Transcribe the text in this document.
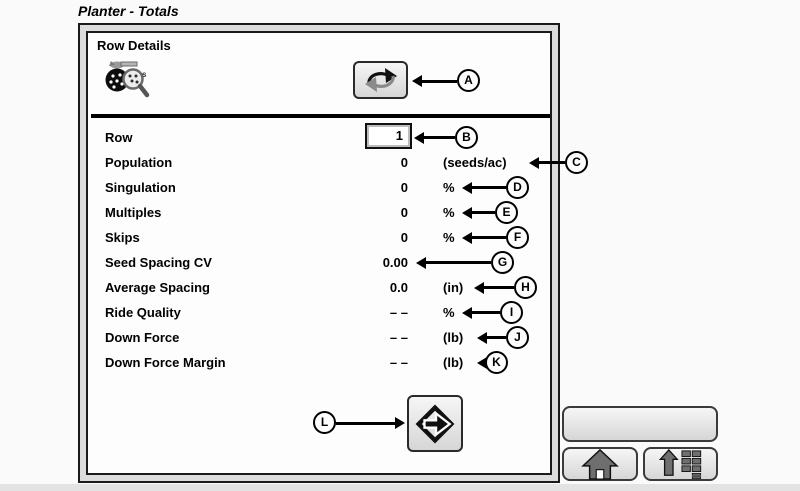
Planter - Totals
Row Details
s
Row	1	B
Population	0	(seeds/ac)	C
Singulation	0	%	D
Multiples	0	%	E
Skips	0	%	F
Seed Spacing CV	0.00	G
Average Spacing	0.0	(in)	H
Ride Quality	– –	%	I
Down Force	– –	(lb)	J
Down Force Margin	– –	(lb)	K
A
L
